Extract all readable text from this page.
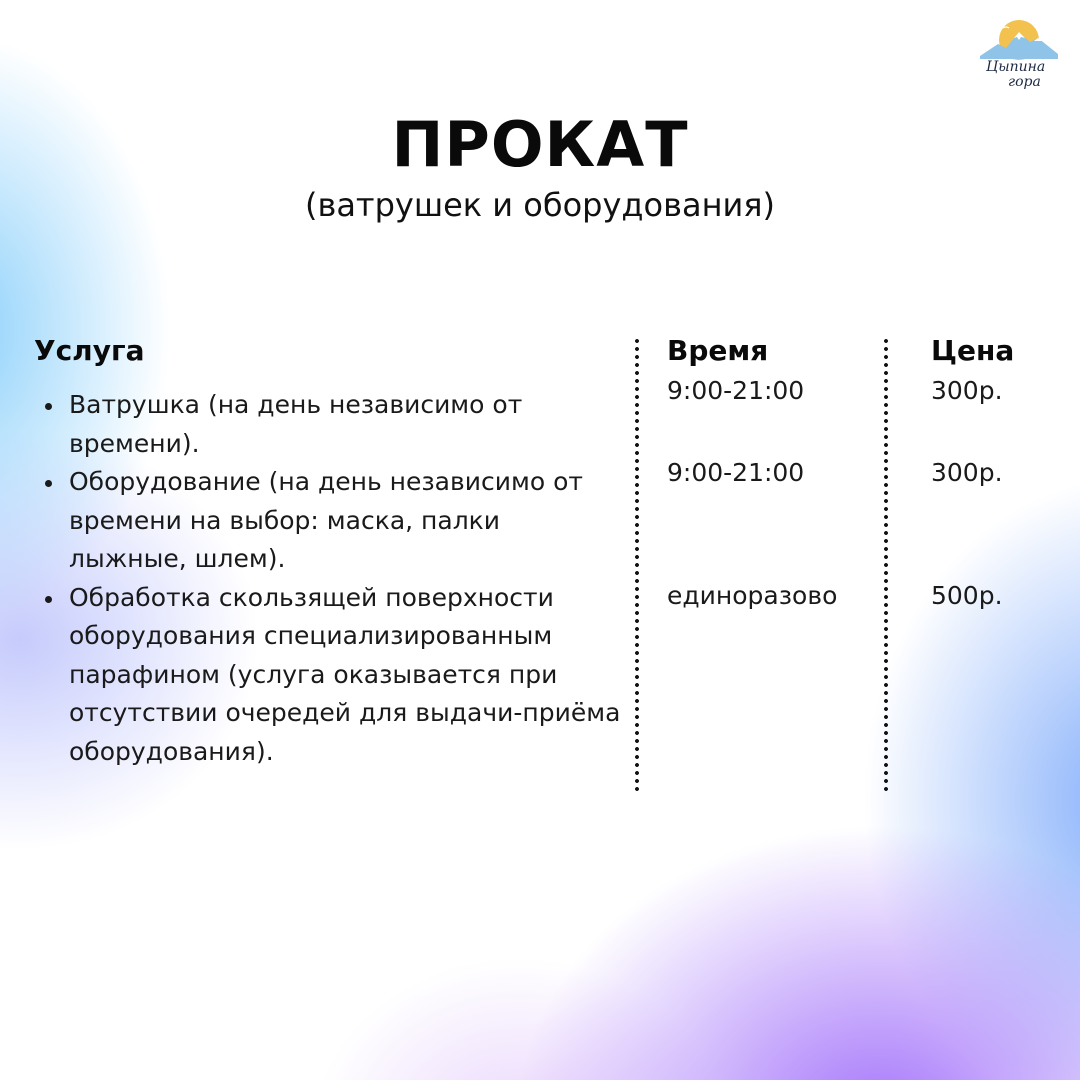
Цыпина
гора
ПРОКАТ
(ватрушек и оборудования)
Услуга	Время	Цена
Ватрушка (на день независимо от времени).
Оборудование (на день независимо от времени на выбор: маска, палки лыжные, шлем).
Обработка скользящей поверхности оборудования специализированным парафином (услуга оказывается при отсутствии очередей для выдачи-приёма оборудования).
9:00-21:00
9:00-21:00
единоразово
300р.
300р.
500р.
